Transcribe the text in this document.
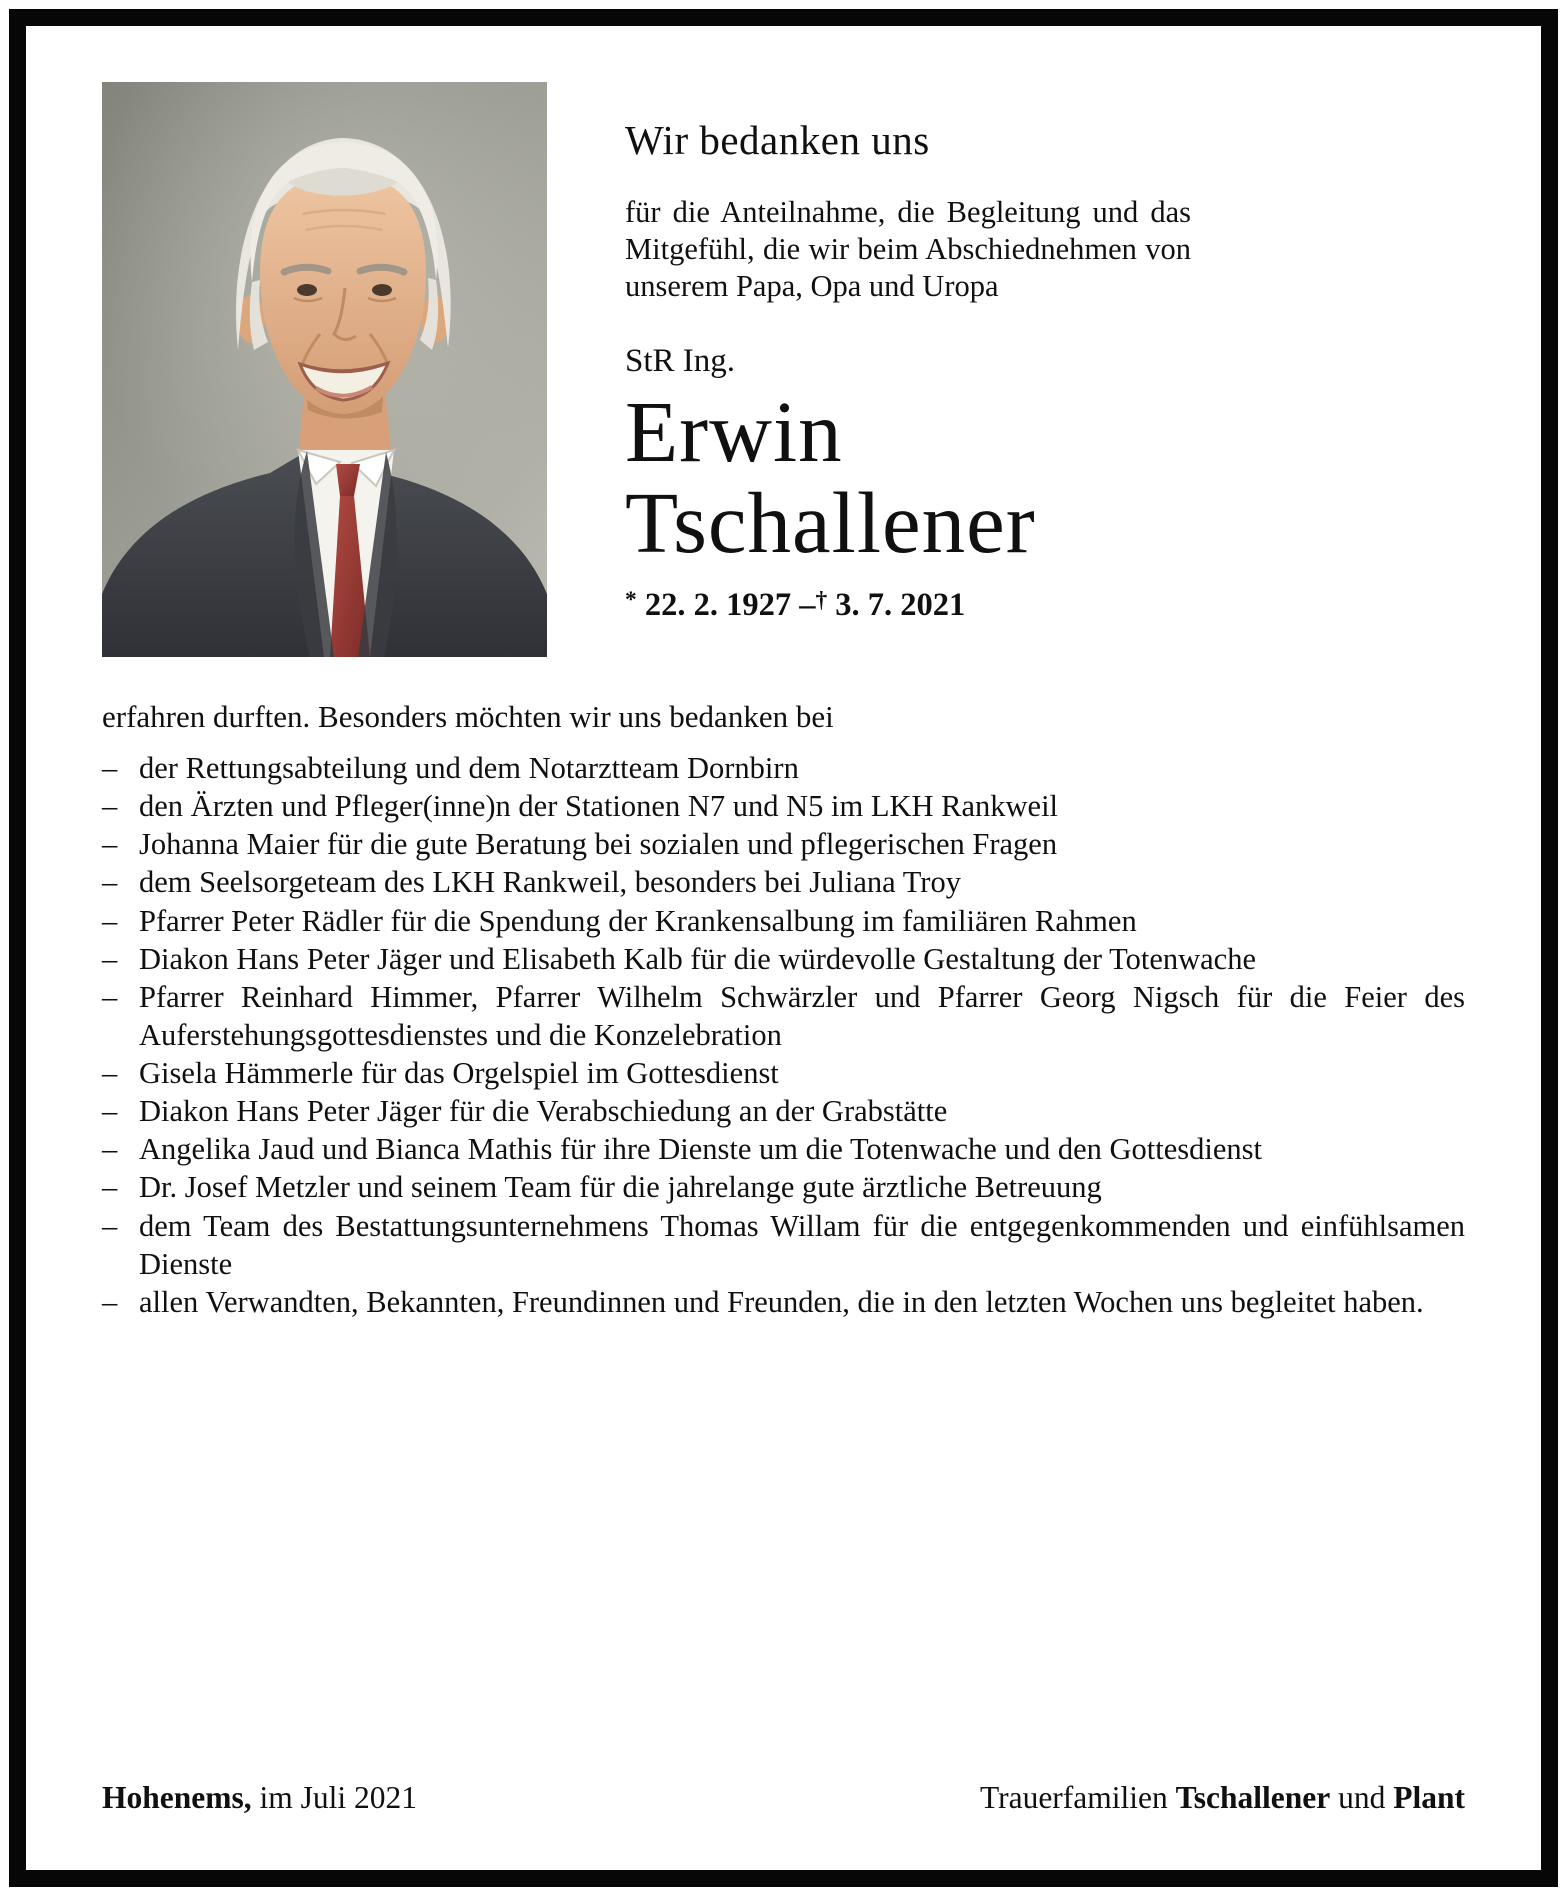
Wir bedanken uns

für die Anteilnahme, die Begleitung und das Mitgefühl, die wir beim Abschiednehmen von unserem Papa, Opa und Uropa

StR Ing.
Erwin
Tschallener
* 22. 2. 1927 –† 3. 7. 2021

erfahren durften. Besonders möchten wir uns bedanken bei

– der Rettungsabteilung und dem Notarztteam Dornbirn
– den Ärzten und Pfleger(inne)n der Stationen N7 und N5 im LKH Rankweil
– Johanna Maier für die gute Beratung bei sozialen und pflegerischen Fragen
– dem Seelsorgeteam des LKH Rankweil, besonders bei Juliana Troy
– Pfarrer Peter Rädler für die Spendung der Krankensalbung im familiären Rahmen
– Diakon Hans Peter Jäger und Elisabeth Kalb für die würdevolle Gestaltung der Totenwache
– Pfarrer Reinhard Himmer, Pfarrer Wilhelm Schwärzler und Pfarrer Georg Nigsch für die Feier des Auferstehungsgottesdienstes und die Konzelebration
– Gisela Hämmerle für das Orgelspiel im Gottesdienst
– Diakon Hans Peter Jäger für die Verabschiedung an der Grabstätte
– Angelika Jaud und Bianca Mathis für ihre Dienste um die Totenwache und den Gottesdienst
– Dr. Josef Metzler und seinem Team für die jahrelange gute ärztliche Betreuung
– dem Team des Bestattungsunternehmens Thomas Willam für die entgegenkommenden und einfühlsamen Dienste
– allen Verwandten, Bekannten, Freundinnen und Freunden, die in den letzten Wochen uns begleitet haben.
Hohenems, im Juli 2021	Trauerfamilien Tschallener und Plant
